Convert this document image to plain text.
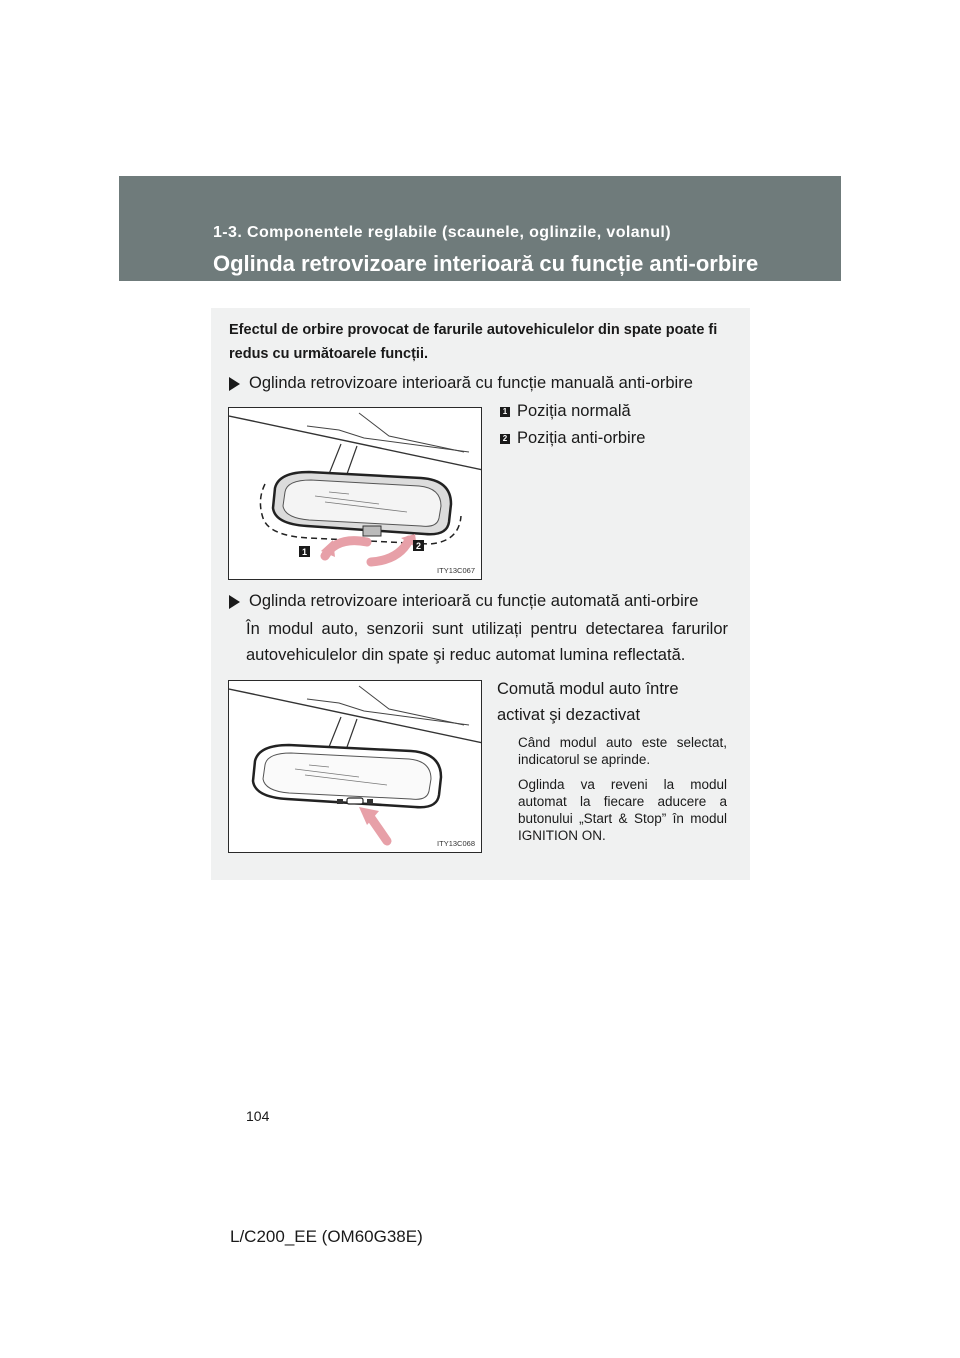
1-3. Componentele reglabile (scaunele, oglinzile, volanul)
Oglinda retrovizoare interioară cu funcție anti-orbire
Efectul de orbire provocat de farurile autovehiculelor din spate poate fi redus cu următoarele funcții.
Oglinda retrovizoare interioară cu funcție manuală anti-orbire
1
2
ITY13C067
1 Poziția normală
2 Poziția anti-orbire
Oglinda retrovizoare interioară cu funcție automată anti-orbire
În modul auto, senzorii sunt utilizați pentru detectarea farurilor autovehiculelor din spate şi reduc automat lumina reflectată.
ITY13C068
Comută modul auto între activat şi dezactivat
Când modul auto este selectat, indicatorul se aprinde.
Oglinda va reveni la modul automat la fiecare aducere a butonului „Start & Stop” în modul IGNITION ON.
104
L/C200_EE (OM60G38E)
